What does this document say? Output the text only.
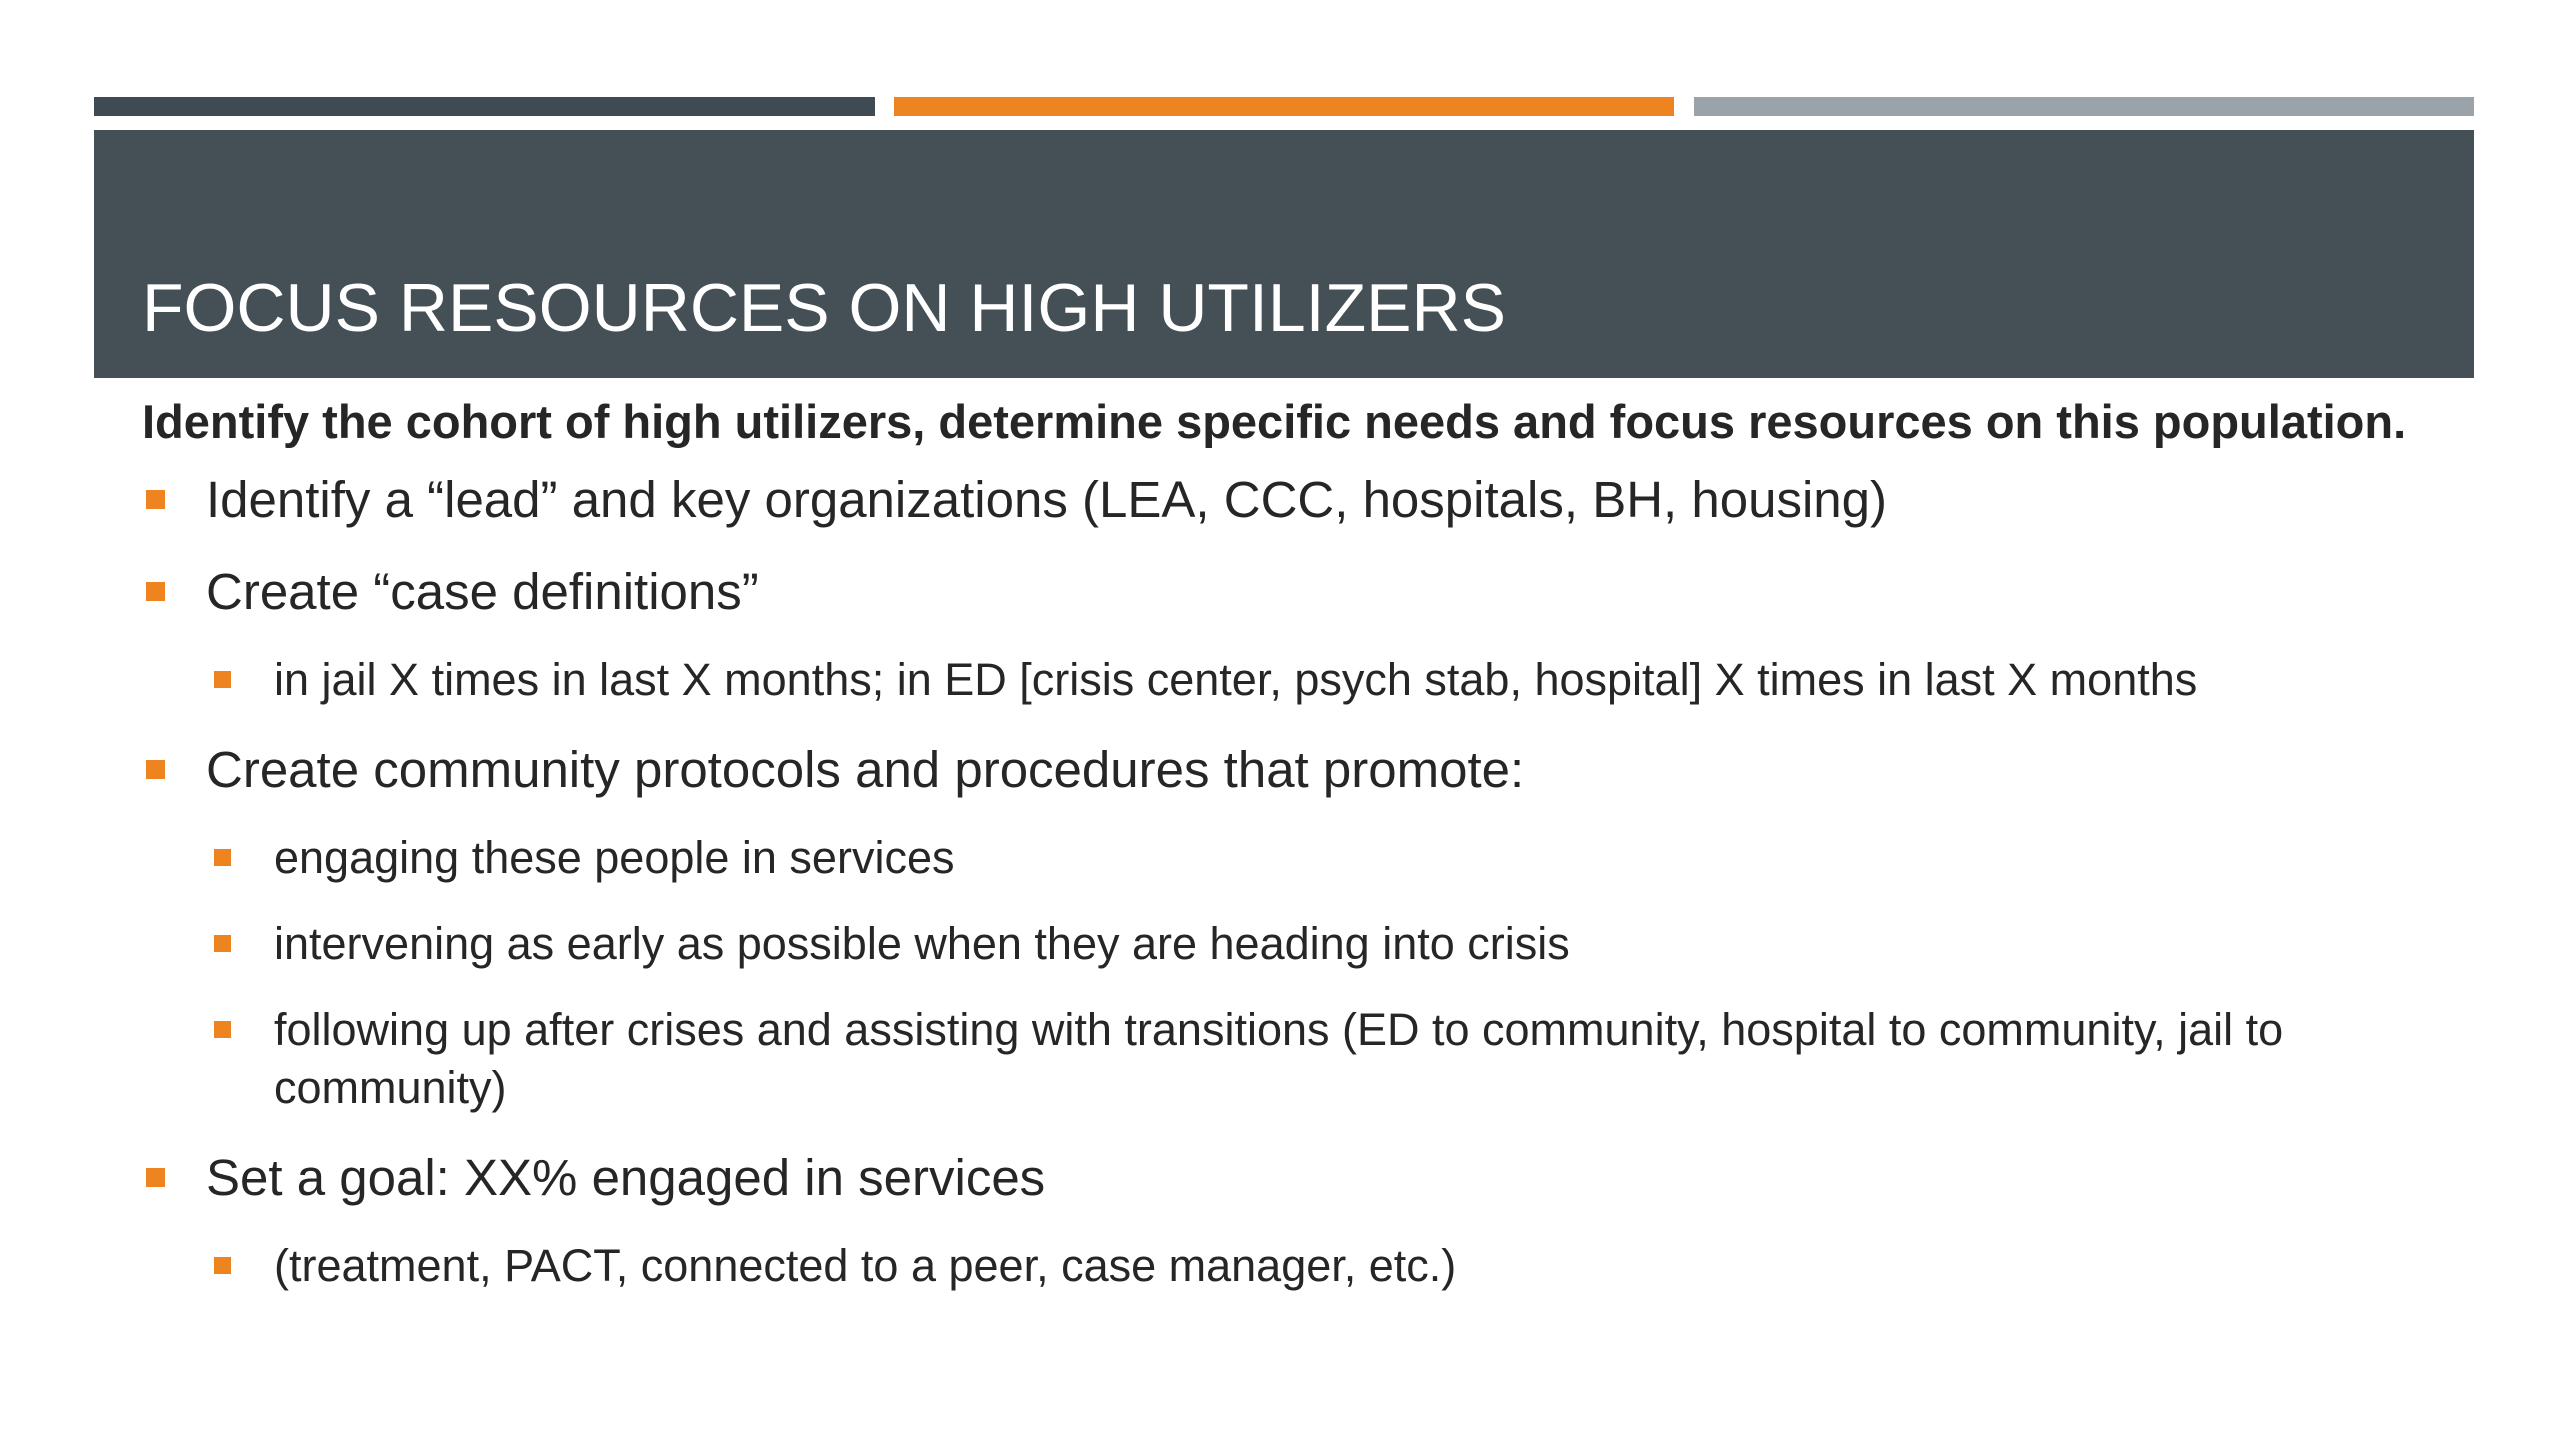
FOCUS RESOURCES ON HIGH UTILIZERS

Identify the cohort of high utilizers, determine specific needs and focus resources on this population.

Identify a “lead” and key organizations (LEA, CCC, hospitals, BH, housing)
Create “case definitions”
in jail X times in last X months; in ED [crisis center, psych stab, hospital] X times in last X months
Create community protocols and procedures that promote:
engaging these people in services
intervening as early as possible when they are heading into crisis
following up after crises and assisting with transitions (ED to community, hospital to community, jail to community)
Set a goal: XX% engaged in services
(treatment, PACT, connected to a peer, case manager, etc.)
